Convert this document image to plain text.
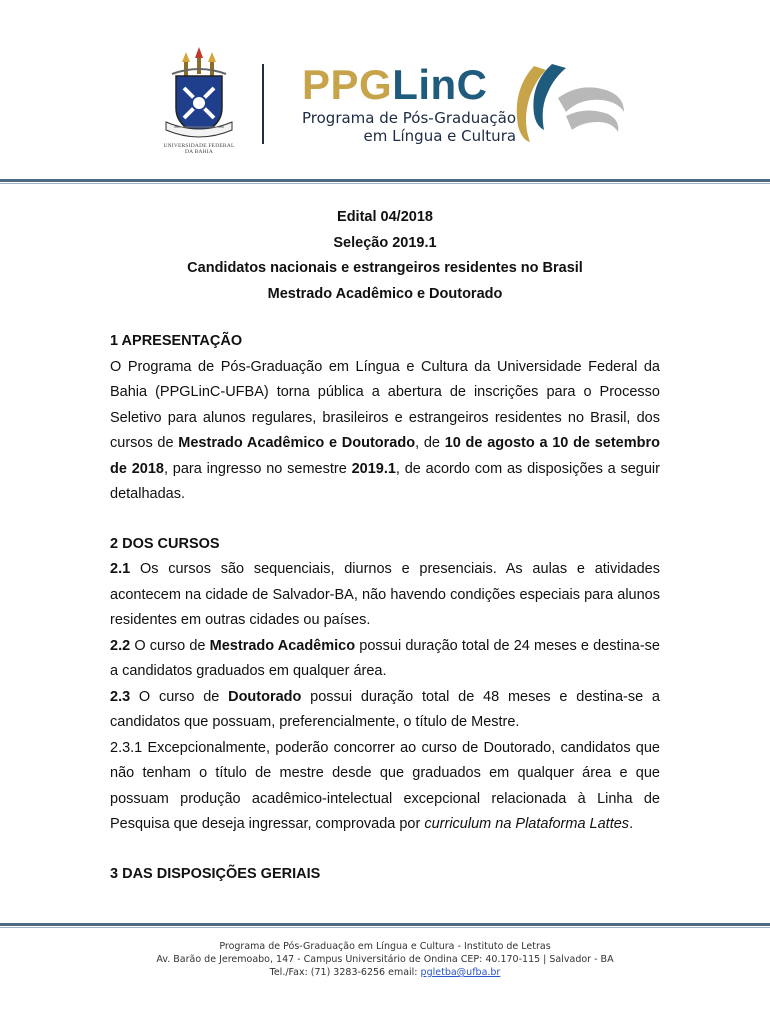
UNIVERSIDADE FEDERAL
DA BAHIA
PPGLinC
Programa de Pós-Graduação
em Língua e Cultura

Edital 04/2018

Seleção 2019.1

Candidatos nacionais e estrangeiros residentes no Brasil

Mestrado Acadêmico e Doutorado

1 APRESENTAÇÃO

O Programa de Pós-Graduação em Língua e Cultura da Universidade Federal da Bahia (PPGLinC-UFBA) torna pública a abertura de inscrições para o Processo Seletivo para alunos regulares, brasileiros e estrangeiros residentes no Brasil, dos cursos de Mestrado Acadêmico e Doutorado, de 10 de agosto a 10 de setembro de 2018, para ingresso no semestre 2019.1, de acordo com as disposições a seguir detalhadas.

2 DOS CURSOS

2.1 Os cursos são sequenciais, diurnos e presenciais. As aulas e atividades acontecem na cidade de Salvador-BA, não havendo condições especiais para alunos residentes em outras cidades ou países.

2.2 O curso de Mestrado Acadêmico possui duração total de 24 meses e destina-se a candidatos graduados em qualquer área.

2.3 O curso de Doutorado possui duração total de 48 meses e destina-se a candidatos que possuam, preferencialmente, o título de Mestre.

2.3.1 Excepcionalmente, poderão concorrer ao curso de Doutorado, candidatos que não tenham o título de mestre desde que graduados em qualquer área e que possuam produção acadêmico-intelectual excepcional relacionada à Linha de Pesquisa que deseja ingressar, comprovada por curriculum na Plataforma Lattes.

3 DAS DISPOSIÇÕES GERIAIS

Programa de Pós-Graduação em Língua e Cultura - Instituto de Letras
Av. Barão de Jeremoabo, 147 - Campus Universitário de Ondina CEP: 40.170-115 | Salvador - BA
Tel./Fax: (71) 3283-6256 email: pgletba@ufba.br
